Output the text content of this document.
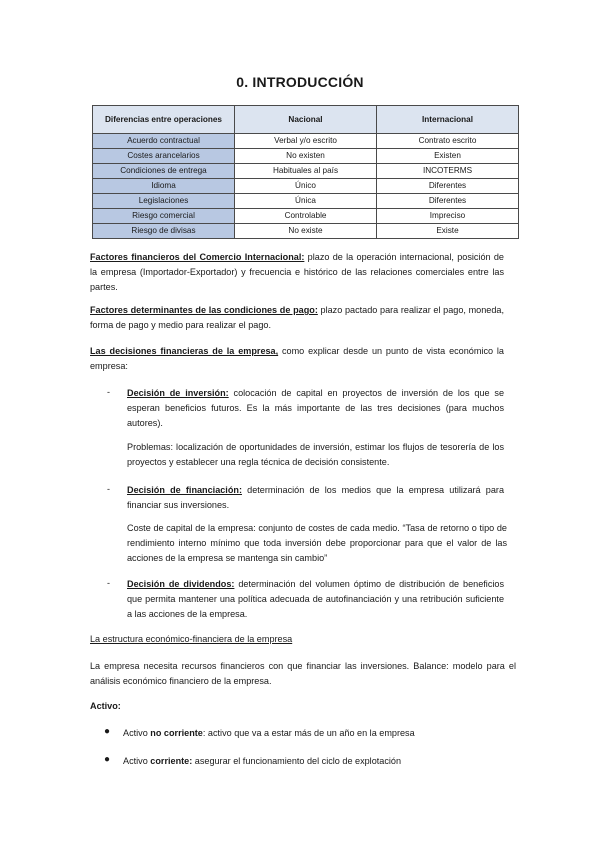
0. INTRODUCCIÓN
Diferencias entre operaciones	Nacional	Internacional
Acuerdo contractual	Verbal y/o escrito	Contrato escrito
Costes arancelarios	No existen	Existen
Condiciones de entrega	Habituales al país	INCOTERMS
Idioma	Único	Diferentes
Legislaciones	Única	Diferentes
Riesgo comercial	Controlable	Impreciso
Riesgo de divisas	No existe	Existe

Factores financieros del Comercio Internacional: plazo de la operación internacional, posición de la empresa (Importador-Exportador) y frecuencia e histórico de las relaciones comerciales entre las partes.

Factores determinantes de las condiciones de pago: plazo pactado para realizar el pago, moneda, forma de pago y medio para realizar el pago.

Las decisiones financieras de la empresa, como explicar desde un punto de vista económico la empresa:

- Decisión de inversión: colocación de capital en proyectos de inversión de los que se esperan beneficios futuros. Es la más importante de las tres decisiones (para muchos autores).

Problemas: localización de oportunidades de inversión, estimar los flujos de tesorería de los proyectos y establecer una regla técnica de decisión consistente.

- Decisión de financiación: determinación de los medios que la empresa utilizará para financiar sus inversiones.

Coste de capital de la empresa: conjunto de costes de cada medio. “Tasa de retorno o tipo de rendimiento interno mínimo que toda inversión debe proporcionar para que el valor de las acciones de la empresa se mantenga sin cambio”

- Decisión de dividendos: determinación del volumen óptimo de distribución de beneficios que permita mantener una política adecuada de autofinanciación y una retribución suficiente a las acciones de la empresa.

La estructura económico-financiera de la empresa

La empresa necesita recursos financieros con que financiar las inversiones. Balance: modelo para el análisis económico financiero de la empresa.

Activo:

● Activo no corriente: activo que va a estar más de un año en la empresa

● Activo corriente: asegurar el funcionamiento del ciclo de explotación
